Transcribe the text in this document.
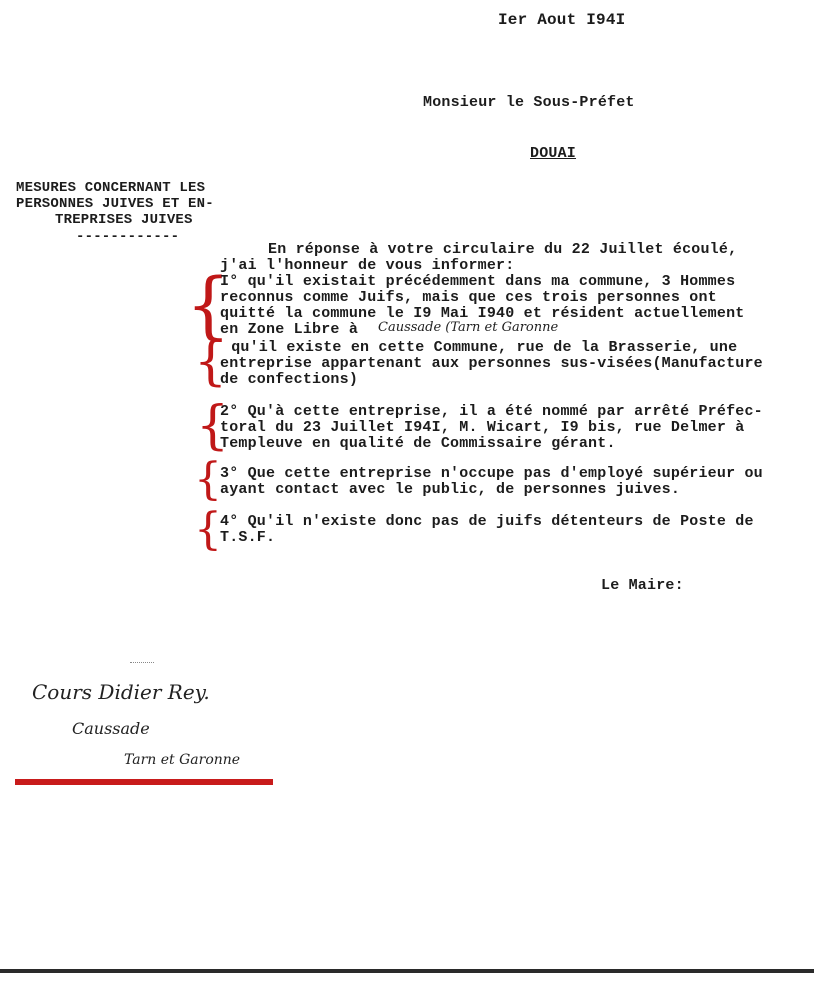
Ier Aout I94I
Monsieur le Sous-Préfet
DOUAI
MESURES CONCERNANT LES
PERSONNES JUIVES ET EN-
TREPRISES JUIVES
------------
En réponse à votre circulaire du 22 Juillet écoulé,
j'ai l'honneur de vous informer:
{
I° qu'il existait précédemment dans ma commune, 3 Hommes
reconnus comme Juifs, mais que ces trois personnes ont
quitté la commune le I9 Mai I940 et résident actuellement
en Zone Libre à Caussade (Tarn et Garonne
{
qu'il existe en cette Commune, rue de la Brasserie, une
entreprise appartenant aux personnes sus-visées(Manufacture
de confections)
{
2° Qu'à cette entreprise, il a été nommé par arrêté Préfec-
toral du 23 Juillet I94I, M. Wicart, I9 bis, rue Delmer à
Templeuve en qualité de Commissaire gérant.
{
3° Que cette entreprise n'occupe pas d'employé supérieur ou
ayant contact avec le public, de personnes juives.
{
4° Qu'il n'existe donc pas de juifs détenteurs de Poste de
T.S.F.
Le Maire:
Cours Didier Rey.
Caussade
Tarn et Garonne
